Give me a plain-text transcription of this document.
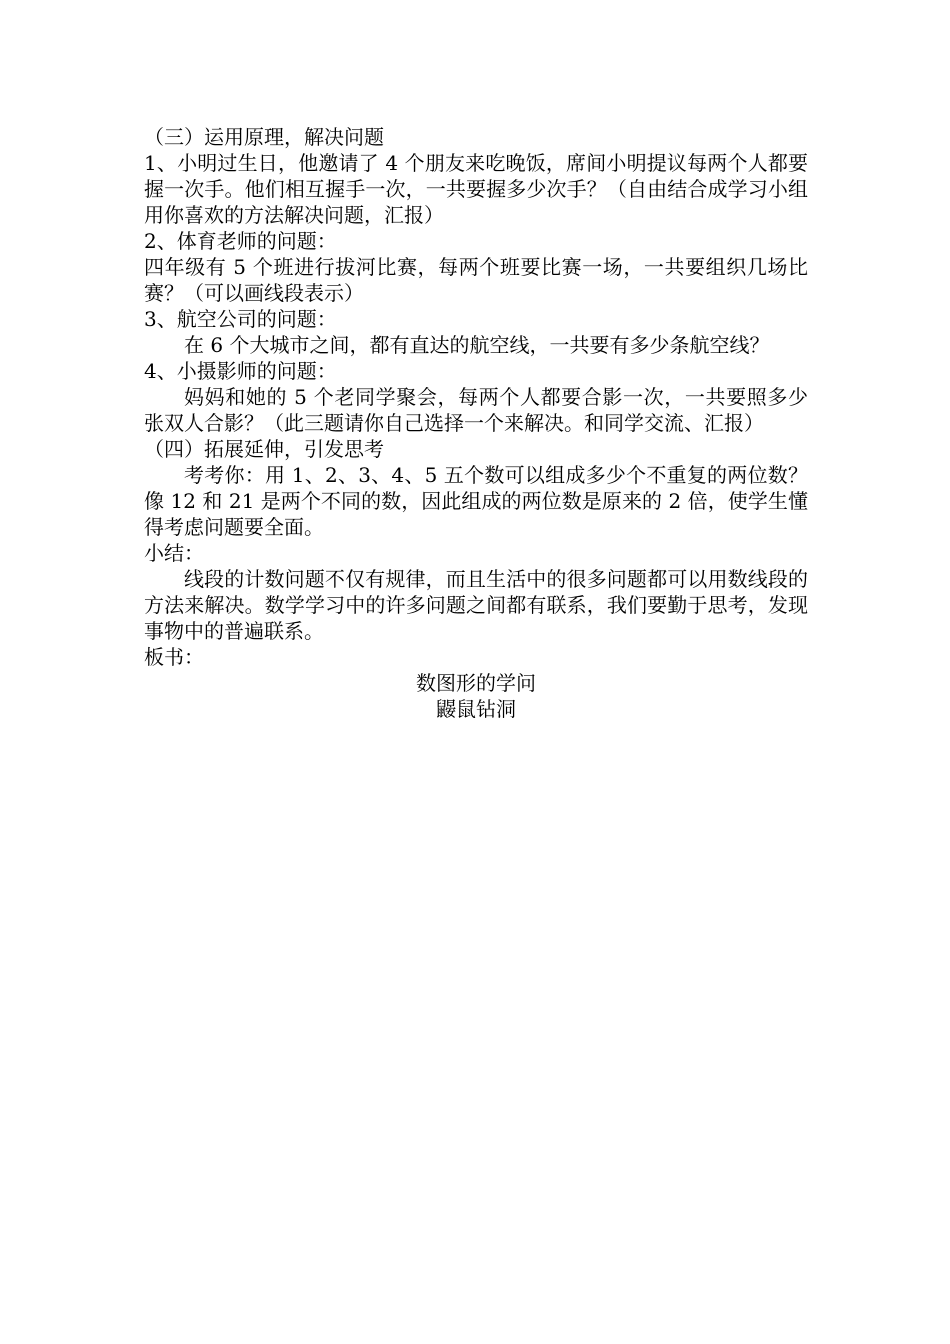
（三）运用原理，解决问题

1、小明过生日，他邀请了 4 个朋友来吃晚饭，席间小明提议每两个人都要握一次手。他们相互握手一次，一共要握多少次手？（自由结合成学习小组用你喜欢的方法解决问题，汇报）

2、体育老师的问题：

四年级有 5 个班进行拔河比赛，每两个班要比赛一场，一共要组织几场比赛？（可以画线段表示）

3、航空公司的问题：

在 6 个大城市之间，都有直达的航空线，一共要有多少条航空线？

4、小摄影师的问题：

妈妈和她的 5 个老同学聚会，每两个人都要合影一次，一共要照多少张双人合影？（此三题请你自己选择一个来解决。和同学交流、汇报）

（四）拓展延伸，引发思考

考考你：用 1、2、3、4、5 五个数可以组成多少个不重复的两位数？像 12 和 21 是两个不同的数，因此组成的两位数是原来的 2 倍，使学生懂得考虑问题要全面。

小结：

线段的计数问题不仅有规律，而且生活中的很多问题都可以用数线段的方法来解决。数学学习中的许多问题之间都有联系，我们要勤于思考，发现事物中的普遍联系。

板书：

数图形的学问

鼹鼠钻洞
